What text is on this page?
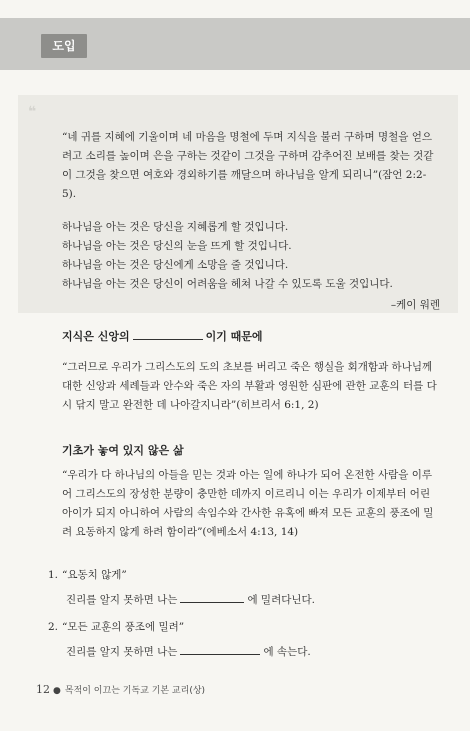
도입
❝

“네 귀를 지혜에 기울이며 네 마음을 명철에 두며 지식을 불러 구하며 명철을 얻으려고 소리를 높이며 은을 구하는 것같이 그것을 구하며 감추어진 보배를 찾는 것같이 그것을 찾으면 여호와 경외하기를 깨달으며 하나님을 알게 되리니”(잠언 2:2-5).

하나님을 아는 것은 당신을 지혜롭게 할 것입니다.

하나님을 아는 것은 당신의 눈을 뜨게 할 것입니다.

하나님을 아는 것은 당신에게 소망을 줄 것입니다.

하나님을 아는 것은 당신이 어려움을 헤쳐 나갈 수 있도록 도울 것입니다.

–케이 워렌

지식은 신앙의	이기 때문에

“그러므로 우리가 그리스도의 도의 초보를 버리고 죽은 행실을 회개함과 하나님께 대한 신앙과 세례들과 안수와 죽은 자의 부활과 영원한 심판에 관한 교훈의 터를 다시 닦지 말고 완전한 데 나아갈지니라”(히브리서 6:1, 2)

기초가 놓여 있지 않은 삶

“우리가 다 하나님의 아들을 믿는 것과 아는 일에 하나가 되어 온전한 사람을 이루어 그리스도의 장성한 분량이 충만한 데까지 이르리니 이는 우리가 이제부터 어린아이가 되지 아니하여 사람의 속임수와 간사한 유혹에 빠져 모든 교훈의 풍조에 밀려 요동하지 않게 하려 함이라”(에베소서 4:13, 14)

1. “요동치 않게”
진리를 알지 못하면 나는	에 밀려다닌다.
2. “모든 교훈의 풍조에 밀려”
진리를 알지 못하면 나는	에 속는다.
12 ● 목적이 이끄는 기독교 기본 교리(상)
